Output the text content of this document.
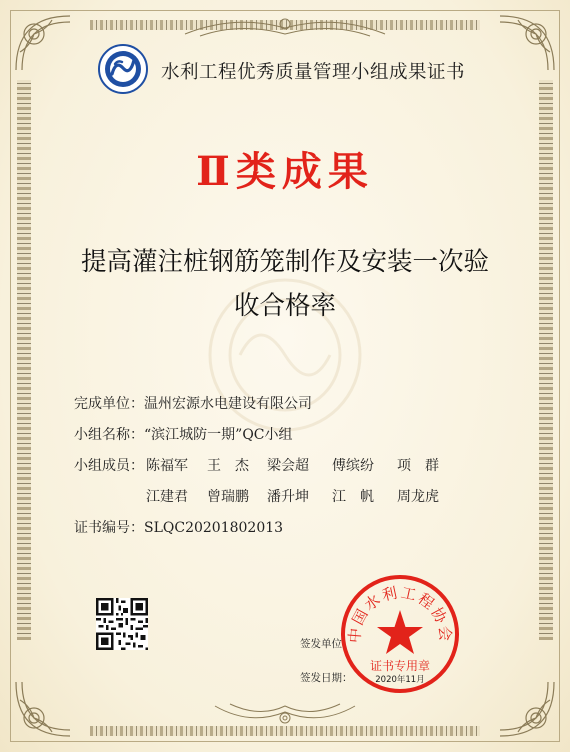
水利工程优秀质量管理小组成果证书
Ⅱ类成果
提高灌注桩钢筋笼制作及安装一次验
收合格率
完成单位：温州宏源水电建设有限公司
小组名称：“滨江城防一期”QC小组
小组成员： 陈福军 王　杰 梁会超 傅缤纷 项　群
江建君 曾瑞鹏 潘升坤 江　帆 周龙虎
证书编号：SLQC20201802013
签发单位：
签发日期：
中国水利工程协会
证书专用章
2020年11月
